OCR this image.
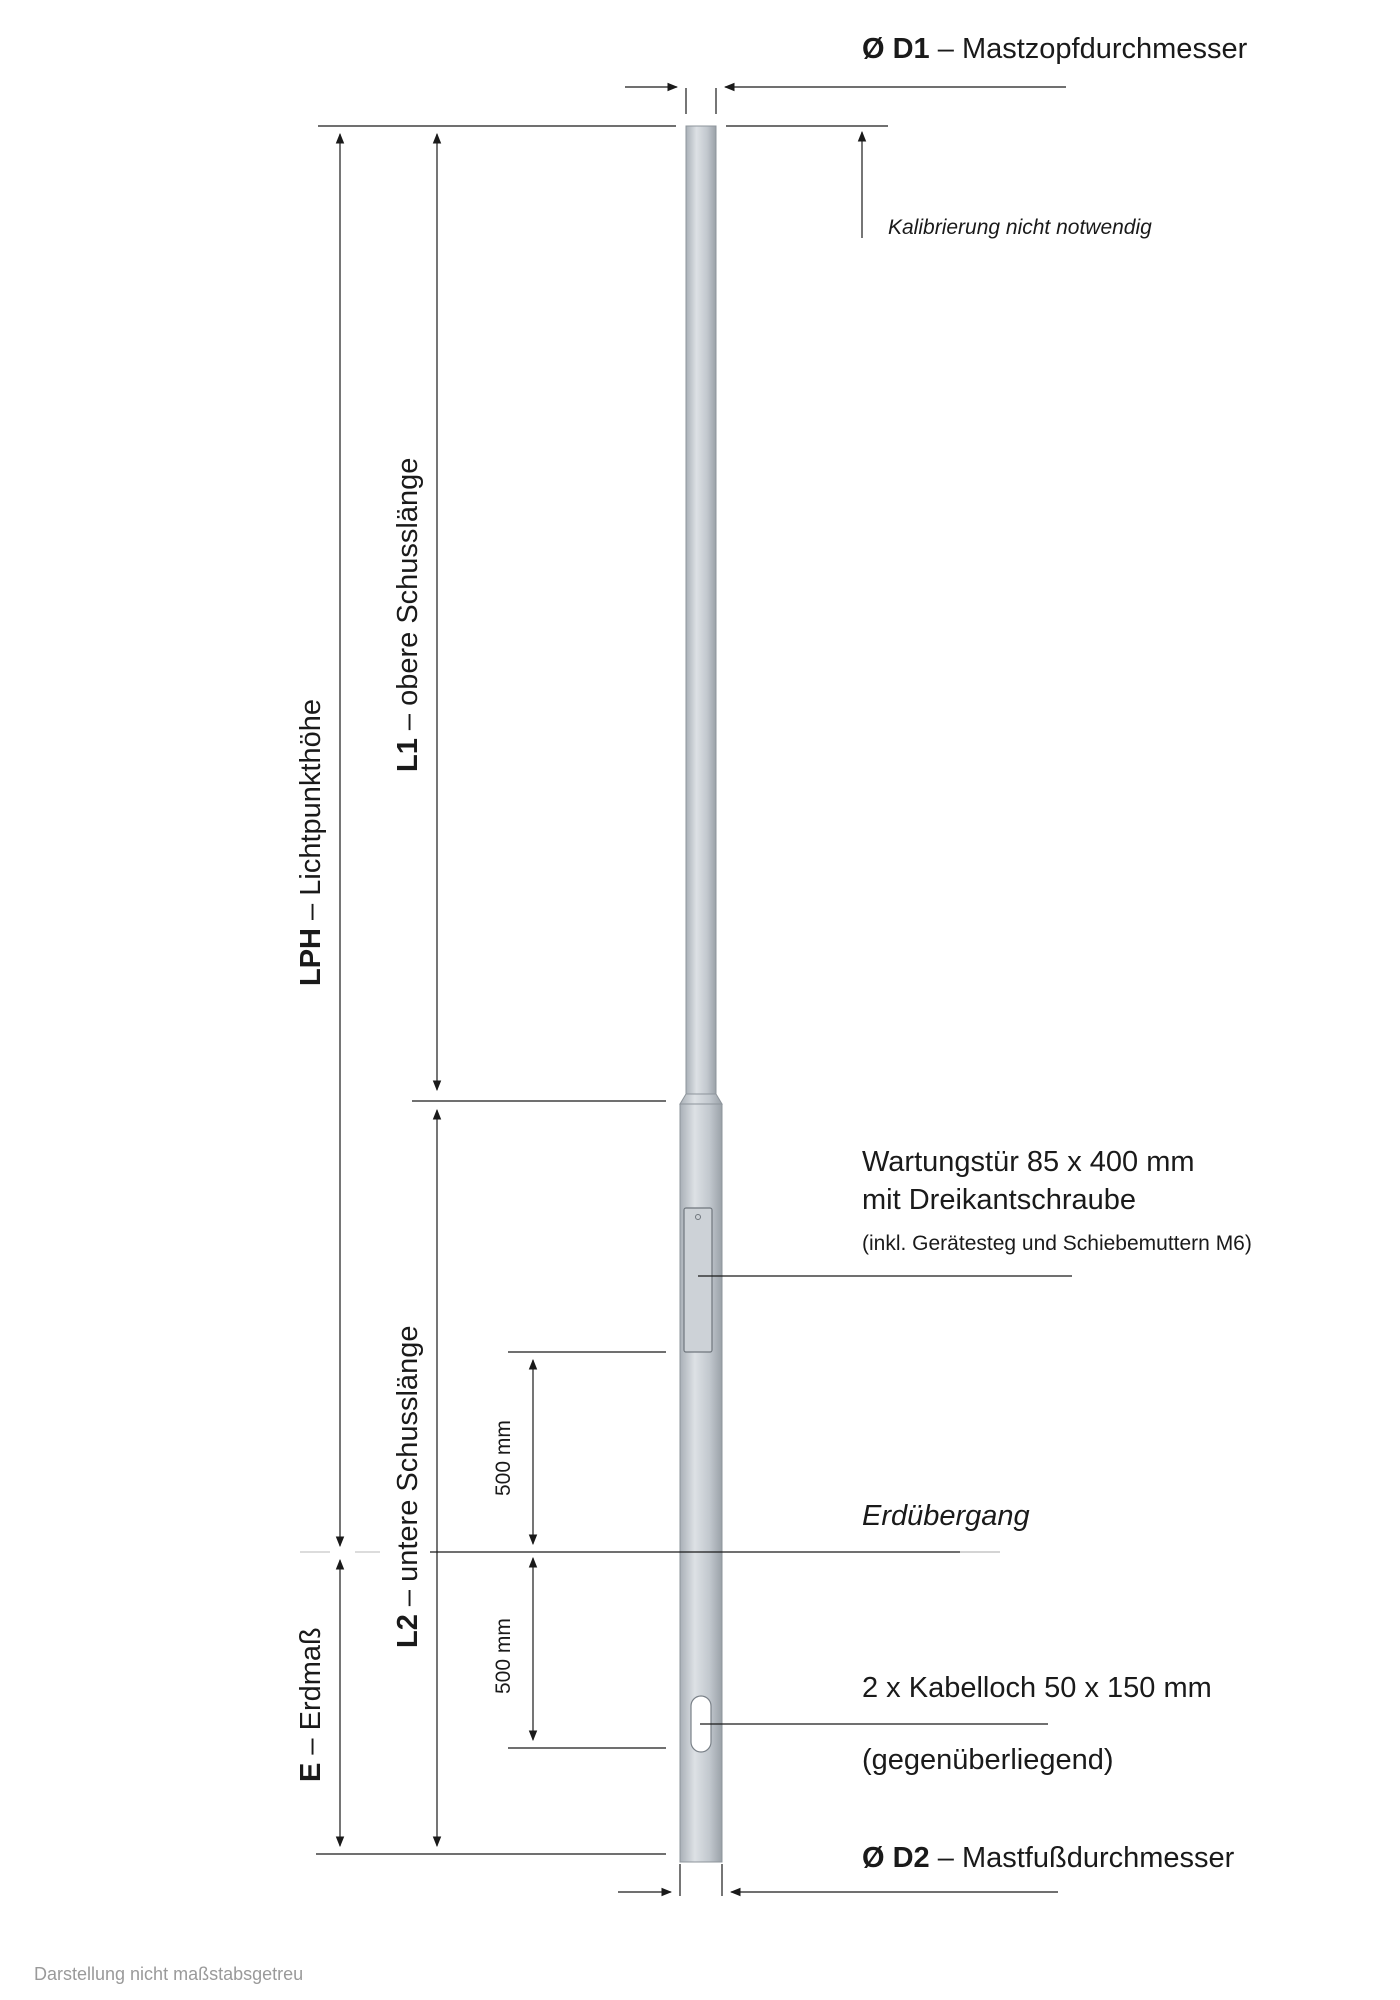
Ø D1 – Mastzopfdurchmesser
Kalibrierung nicht notwendig
LPH – Lichtpunkthöhe L1 – obere Schusslänge
L2 – untere Schusslänge
E – Erdmaß
500 mm
500 mm
Wartungstür 85 x 400 mm
mit Dreikantschraube
(inkl. Gerätesteg und Schiebemuttern M6)
Erdübergang
2 x Kabelloch 50 x 150 mm
(gegenüberliegend)
Ø D2 – Mastfußdurchmesser
Darstellung nicht maßstabsgetreu
